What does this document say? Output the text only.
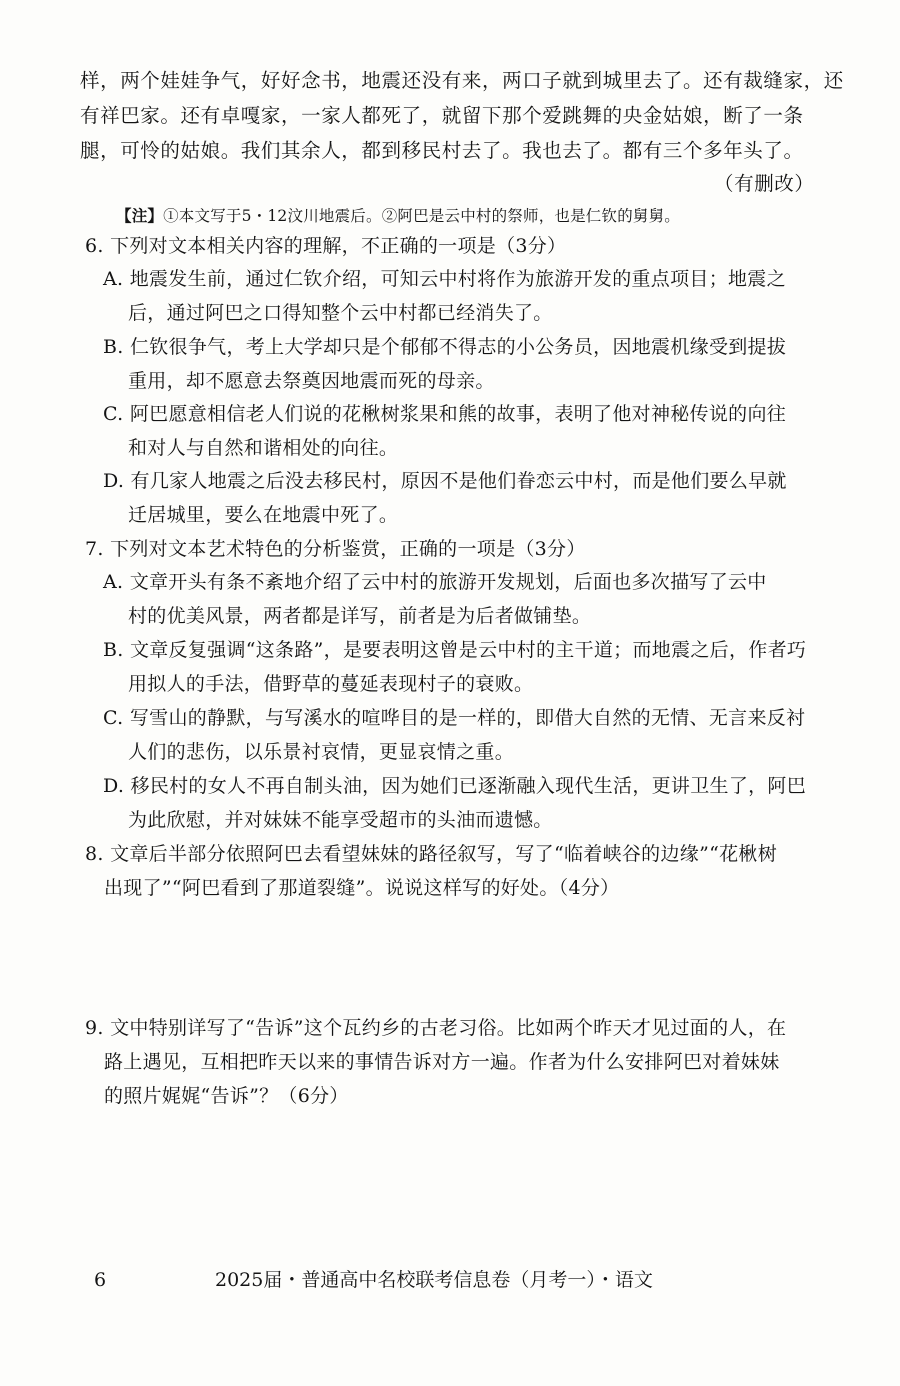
样，两个娃娃争气，好好念书，地震还没有来，两口子就到城里去了。还有裁缝家，还
有祥巴家。还有卓嘎家，一家人都死了，就留下那个爱跳舞的央金姑娘，断了一条
腿，可怜的姑娘。我们其余人，都到移民村去了。我也去了。都有三个多年头了。
（有删改）
【注】①本文写于5・12汶川地震后。②阿巴是云中村的祭师，也是仁钦的舅舅。
6. 下列对文本相关内容的理解，不正确的一项是（3分）
A. 地震发生前，通过仁钦介绍，可知云中村将作为旅游开发的重点项目；地震之
后，通过阿巴之口得知整个云中村都已经消失了。
B. 仁钦很争气，考上大学却只是个郁郁不得志的小公务员，因地震机缘受到提拔
重用，却不愿意去祭奠因地震而死的母亲。
C. 阿巴愿意相信老人们说的花楸树浆果和熊的故事，表明了他对神秘传说的向往
和对人与自然和谐相处的向往。
D. 有几家人地震之后没去移民村，原因不是他们眷恋云中村，而是他们要么早就
迁居城里，要么在地震中死了。
7. 下列对文本艺术特色的分析鉴赏，正确的一项是（3分）
A. 文章开头有条不紊地介绍了云中村的旅游开发规划，后面也多次描写了云中
村的优美风景，两者都是详写，前者是为后者做铺垫。
B. 文章反复强调“这条路”，是要表明这曾是云中村的主干道；而地震之后，作者巧
用拟人的手法，借野草的蔓延表现村子的衰败。
C. 写雪山的静默，与写溪水的喧哗目的是一样的，即借大自然的无情、无言来反衬
人们的悲伤，以乐景衬哀情，更显哀情之重。
D. 移民村的女人不再自制头油，因为她们已逐渐融入现代生活，更讲卫生了，阿巴
为此欣慰，并对妹妹不能享受超市的头油而遗憾。
8. 文章后半部分依照阿巴去看望妹妹的路径叙写，写了“临着峡谷的边缘”“花楸树
出现了”“阿巴看到了那道裂缝”。说说这样写的好处。（4分）
9. 文中特别详写了“告诉”这个瓦约乡的古老习俗。比如两个昨天才见过面的人，在
路上遇见，互相把昨天以来的事情告诉对方一遍。作者为什么安排阿巴对着妹妹
的照片娓娓“告诉”？（6分）
6	2025届・普通高中名校联考信息卷（月考一）・语文
